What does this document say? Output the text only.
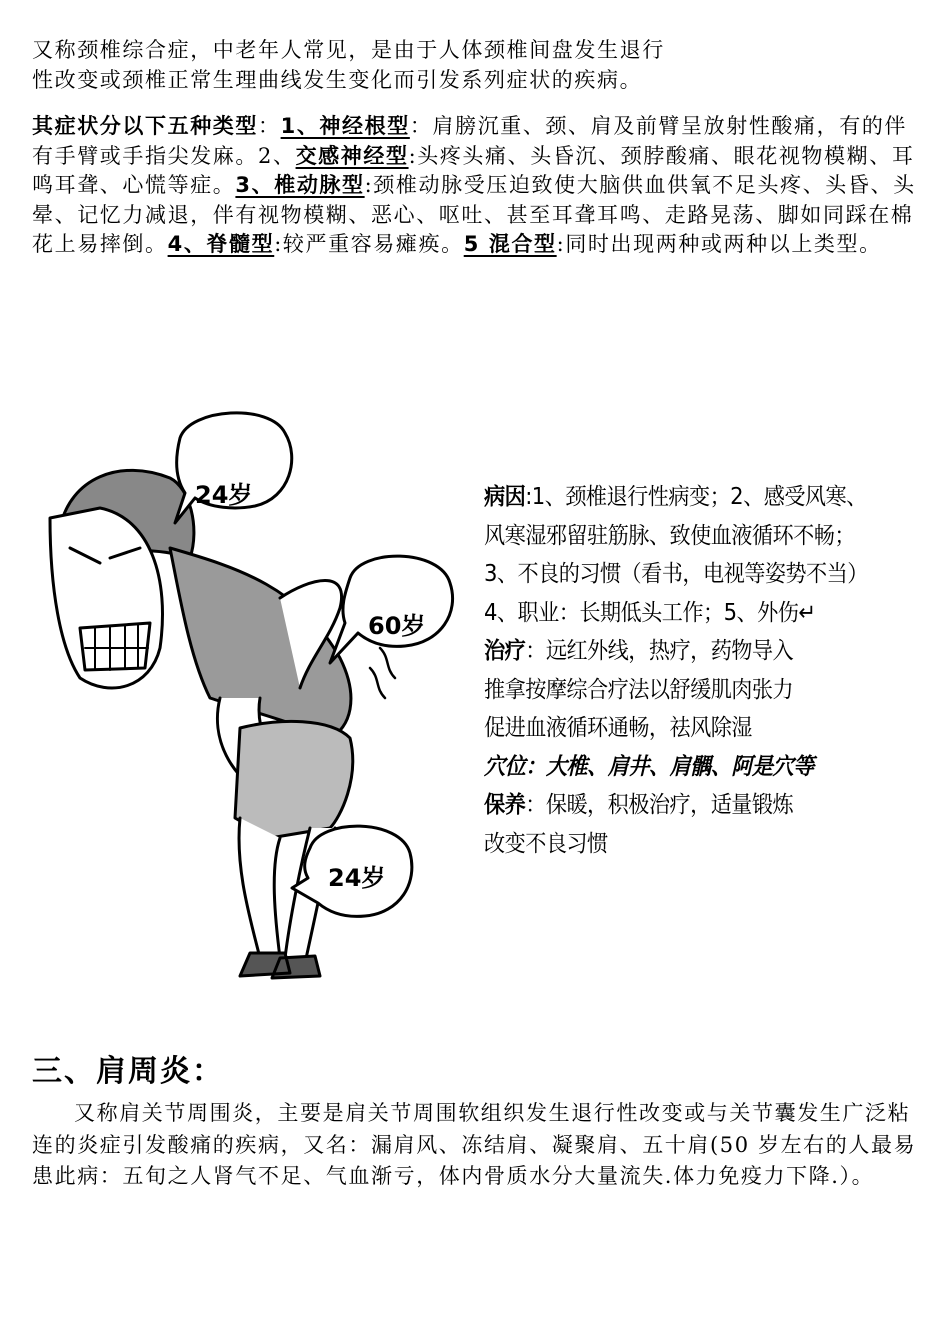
又称颈椎综合症，中老年人常见，是由于人体颈椎间盘发生退行
性改变或颈椎正常生理曲线发生变化而引发系列症状的疾病。

其症状分以下五种类型：1、神经根型：肩膀沉重、颈、肩及前臂呈放射性酸痛，有的伴有手臂或手指尖发麻。2、交感神经型:头疼头痛、头昏沉、颈脖酸痛、眼花视物模糊、耳鸣耳聋、心慌等症。3、椎动脉型:颈椎动脉受压迫致使大脑供血供氧不足头疼、头昏、头晕、记忆力减退，伴有视物模糊、恶心、呕吐、甚至耳聋耳鸣、走路晃荡、脚如同踩在棉花上易摔倒。4、脊髓型:较严重容易瘫痪。5 混合型:同时出现两种或两种以上类型。

24岁
60岁
24岁
病因:1、颈椎退行性病变；2、感受风寒、
风寒湿邪留驻筋脉、致使血液循环不畅；
3、不良的习惯（看书，电视等姿势不当）
4、职业：长期低头工作；5、外伤↵
治疗：远红外线，热疗，药物导入
推拿按摩综合疗法以舒缓肌肉张力
促进血液循环通畅，祛风除湿
穴位：大椎、肩井、肩髃、阿是穴等
保养：保暖，积极治疗，适量锻炼
改变不良习惯
三、肩周炎：

又称肩关节周围炎，主要是肩关节周围软组织发生退行性改变或与关节囊发生广泛粘连的炎症引发酸痛的疾病，又名：漏肩风、冻结肩、凝聚肩、五十肩(50 岁左右的人最易患此病：五旬之人肾气不足、气血渐亏，体内骨质水分大量流失.体力免疫力下降.）。
